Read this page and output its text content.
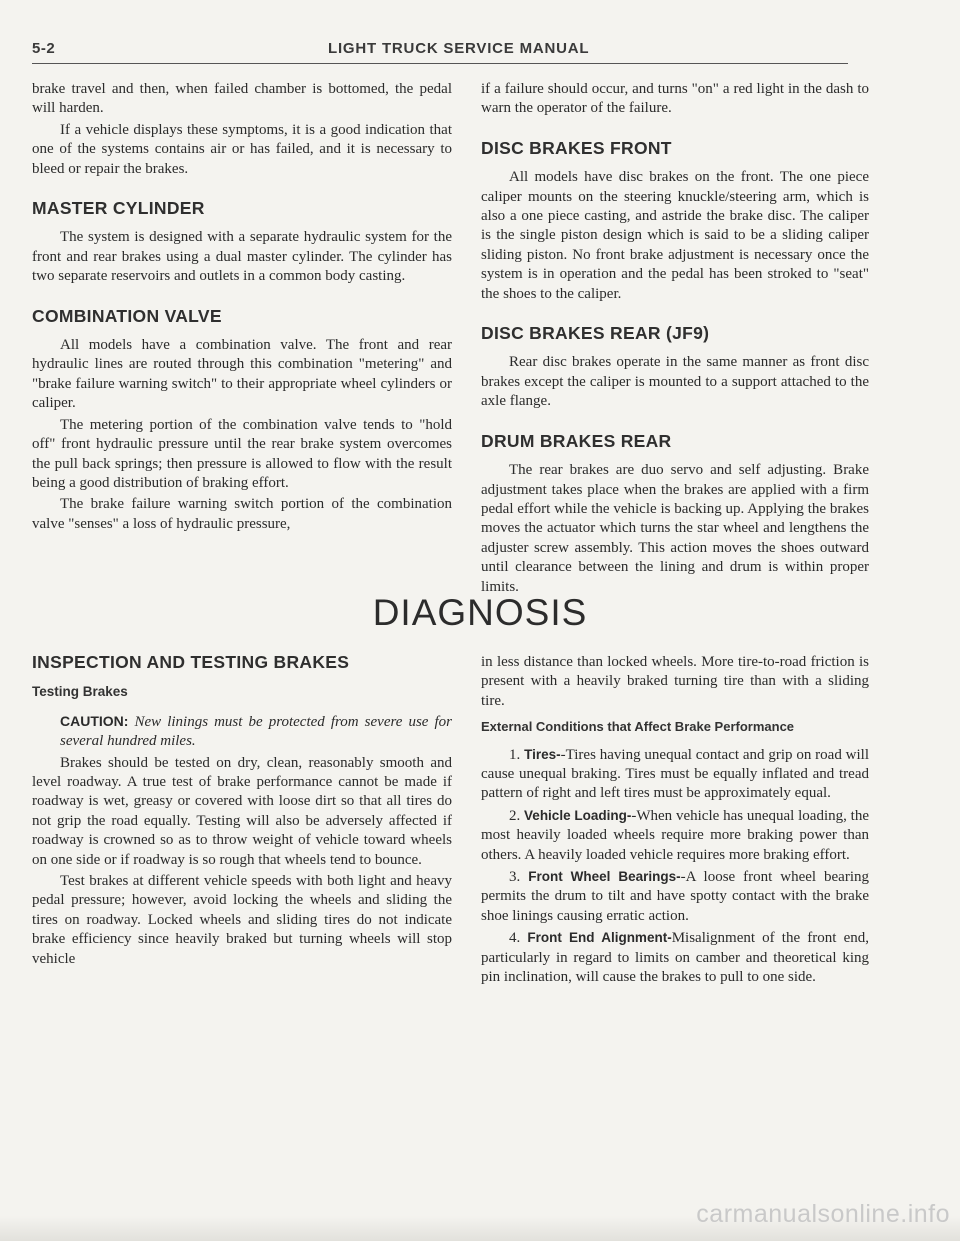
5-2	LIGHT TRUCK SERVICE MANUAL

brake travel and then, when failed chamber is bottomed, the pedal will harden.

If a vehicle displays these symptoms, it is a good indication that one of the systems contains air or has failed, and it is necessary to bleed or repair the brakes.

MASTER CYLINDER

The system is designed with a separate hydraulic system for the front and rear brakes using a dual master cylinder. The cylinder has two separate reservoirs and outlets in a common body casting.

COMBINATION VALVE

All models have a combination valve. The front and rear hydraulic lines are routed through this combination "metering" and "brake failure warning switch" to their appropriate wheel cylinders or caliper.

The metering portion of the combination valve tends to "hold off" front hydraulic pressure until the rear brake system overcomes the pull back springs; then pressure is allowed to flow with the result being a good distribution of braking effort.

The brake failure warning switch portion of the combination valve "senses" a loss of hydraulic pressure,

if a failure should occur, and turns "on" a red light in the dash to warn the operator of the failure.

DISC BRAKES FRONT

All models have disc brakes on the front. The one piece caliper mounts on the steering knuckle/steering arm, which is also a one piece casting, and astride the brake disc. The caliper is the single piston design which is said to be a sliding caliper sliding piston. No front brake adjustment is necessary once the system is in operation and the pedal has been stroked to "seat" the shoes to the caliper.

DISC BRAKES REAR (JF9)

Rear disc brakes operate in the same manner as front disc brakes except the caliper is mounted to a support attached to the axle flange.

DRUM BRAKES REAR

The rear brakes are duo servo and self adjusting. Brake adjustment takes place when the brakes are applied with a firm pedal effort while the vehicle is backing up. Applying the brakes moves the actuator which turns the star wheel and lengthens the adjuster screw assembly. This action moves the shoes outward until clearance between the lining and drum is within proper limits.

DIAGNOSIS
INSPECTION AND TESTING BRAKES
Testing Brakes

CAUTION: New linings must be protected from severe use for several hundred miles.

Brakes should be tested on dry, clean, reasonably smooth and level roadway. A true test of brake performance cannot be made if roadway is wet, greasy or covered with loose dirt so that all tires do not grip the road equally. Testing will also be adversely affected if roadway is crowned so as to throw weight of vehicle toward wheels on one side or if roadway is so rough that wheels tend to bounce.

Test brakes at different vehicle speeds with both light and heavy pedal pressure; however, avoid locking the wheels and sliding the tires on roadway. Locked wheels and sliding tires do not indicate brake efficiency since heavily braked but turning wheels will stop vehicle

in less distance than locked wheels. More tire-to-road friction is present with a heavily braked turning tire than with a sliding tire.

External Conditions that Affect Brake Performance

1. Tires--Tires having unequal contact and grip on road will cause unequal braking. Tires must be equally inflated and tread pattern of right and left tires must be approximately equal.

2. Vehicle Loading--When vehicle has unequal loading, the most heavily loaded wheels require more braking power than others. A heavily loaded vehicle requires more braking effort.

3. Front Wheel Bearings--A loose front wheel bearing permits the drum to tilt and have spotty contact with the brake shoe linings causing erratic action.

4. Front End Alignment-Misalignment of the front end, particularly in regard to limits on camber and theoretical king pin inclination, will cause the brakes to pull to one side.

carmanualsonline.info
